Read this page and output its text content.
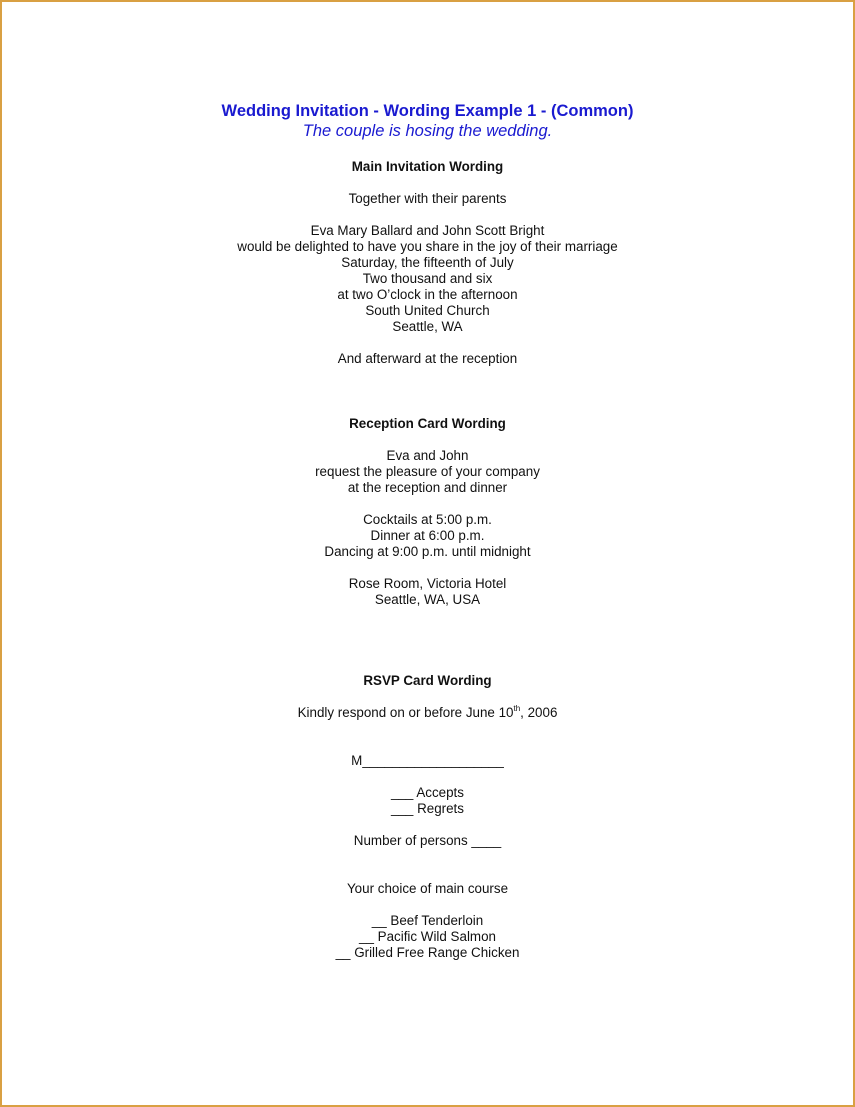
Wedding Invitation - Wording Example 1 - (Common)
The couple is hosing the wedding.
Main Invitation Wording
Together with their parents
Eva Mary Ballard and John Scott Bright
would be delighted to have you share in the joy of their marriage
Saturday, the fifteenth of July
Two thousand and six
at two O’clock in the afternoon
South United Church
Seattle, WA
And afterward at the reception
Reception Card Wording
Eva and John
request the pleasure of your company
at the reception and dinner
Cocktails at 5:00 p.m.
Dinner at 6:00 p.m.
Dancing at 9:00 p.m. until midnight
Rose Room, Victoria Hotel
Seattle, WA, USA
RSVP Card Wording
Kindly respond on or before June 10th, 2006
M___________________
___ Accepts
___ Regrets
Number of persons ____
Your choice of main course
__ Beef Tenderloin
__ Pacific Wild Salmon
__ Grilled Free Range Chicken
